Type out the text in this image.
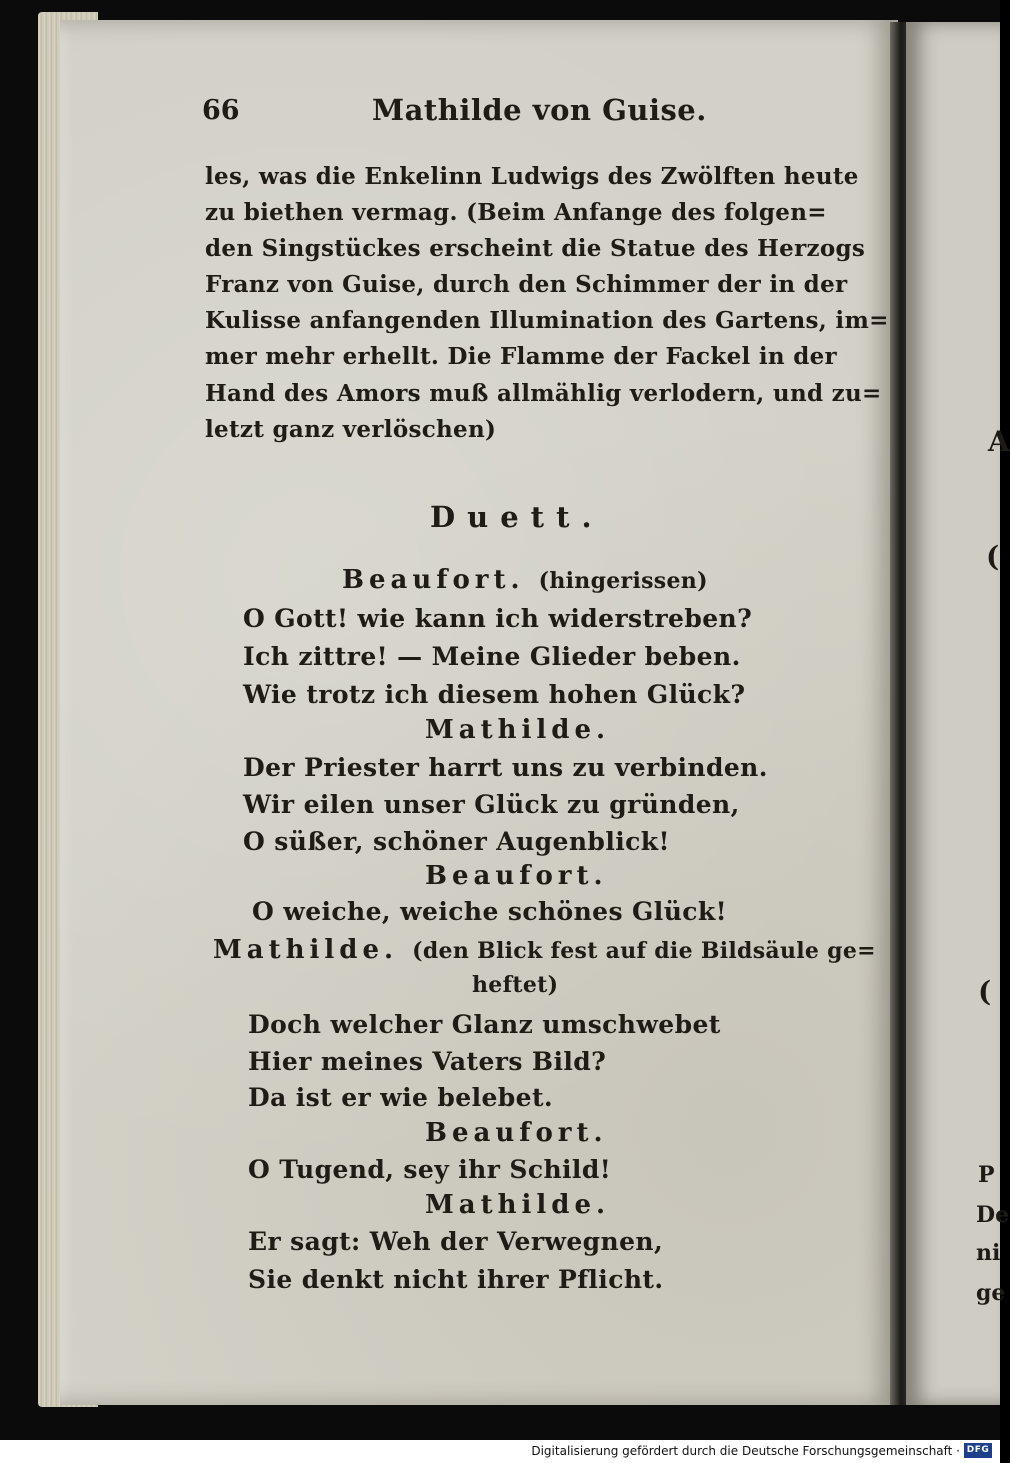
A
(
(
P
De
ni
ge
66	Mathilde von Guise.
les, was die Enkelinn Ludwigs des Zwölften heute
zu biethen vermag. (Beim Anfange des folgen=
den Singstückes erscheint die Statue des Herzogs
Franz von Guise, durch den Schimmer der in der
Kulisse anfangenden Illumination des Gartens, im=
mer mehr erhellt. Die Flamme der Fackel in der
Hand des Amors muß allmählig verlodern, und zu=
letzt ganz verlöschen)
Duett.
Beaufort. (hingerissen)
O Gott! wie kann ich widerstreben?
Ich zittre! — Meine Glieder beben.
Wie trotz ich diesem hohen Glück?
Mathilde.
Der Priester harrt uns zu verbinden.
Wir eilen unser Glück zu gründen,
O süßer, schöner Augenblick!
Beaufort.
O weiche, weiche schönes Glück!
Mathilde. (den Blick fest auf die Bildsäule ge=
heftet)
Doch welcher Glanz umschwebet
Hier meines Vaters Bild?
Da ist er wie belebet.
Beaufort.
O Tugend, sey ihr Schild!
Mathilde.
Er sagt: Weh der Verwegnen,
Sie denkt nicht ihrer Pflicht.
Digitalisierung gefördert durch die Deutsche Forschungsgemeinschaft · DFG
